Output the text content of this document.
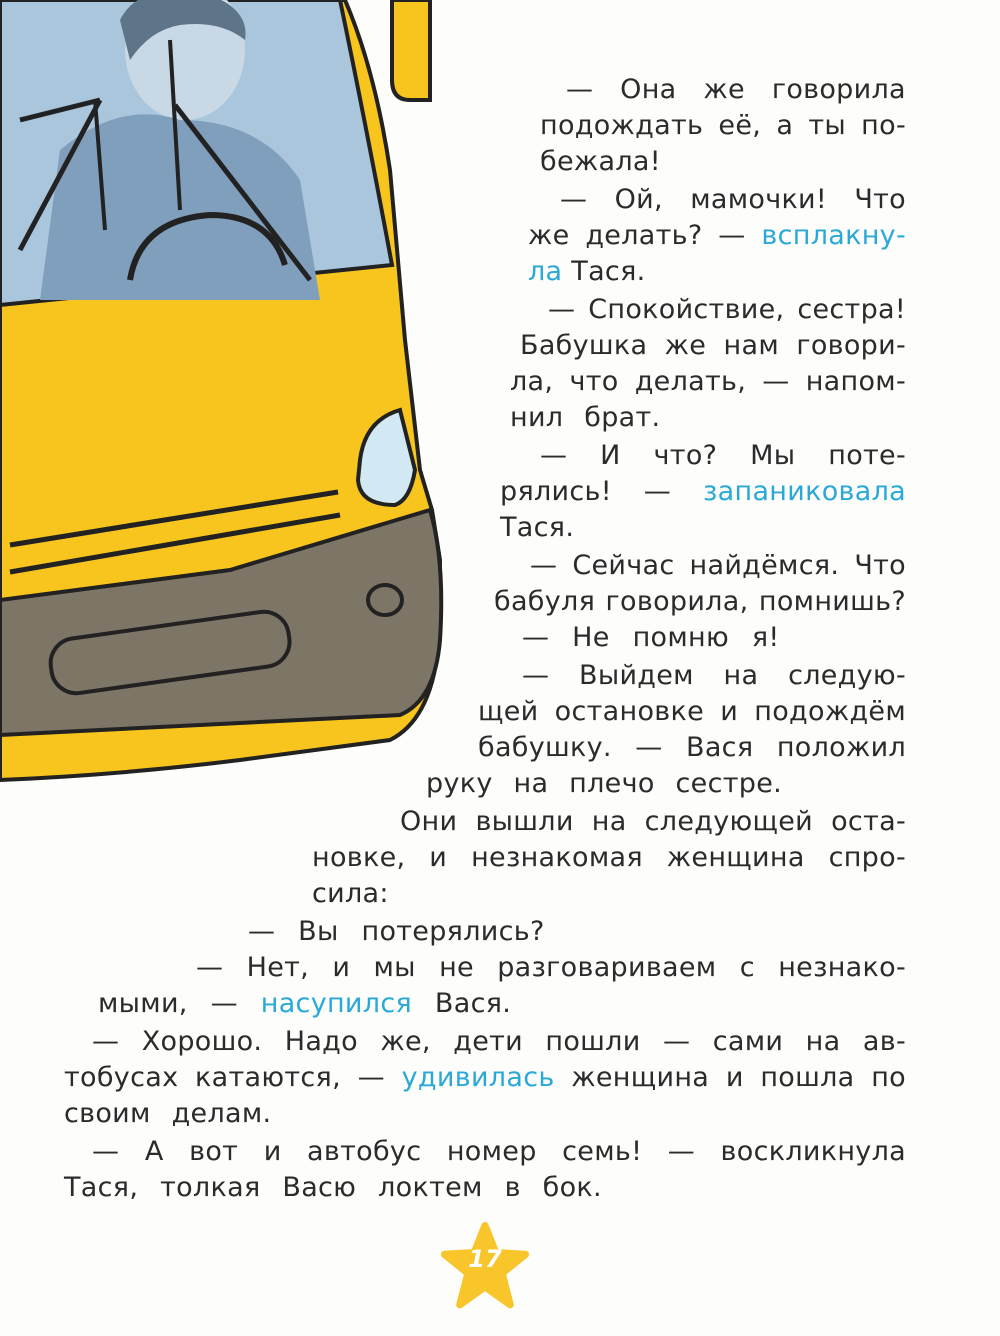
— Она же говорила
подождать её, а ты по-
бежала!
— Ой, мамочки! Что
же делать? — всплакну-
ла Тася.
— Спокойствие, сестра!
Бабушка же нам говори-
ла, что делать, — напом-
нил брат.
— И что? Мы поте-
рялись! — запаниковала
Тася.
— Сейчас найдёмся. Что
бабуля говорила, помнишь?
— Не помню я!
— Выйдем на следую-
щей остановке и подождём
бабушку. — Вася положил
руку на плечо сестре.
Они вышли на следующей оста-
новке, и незнакомая женщина спро-
сила:
— Вы потерялись?
— Нет, и мы не разговариваем с незнако-
мыми, — насупился Вася.
— Хорошо. Надо же, дети пошли — сами на ав-
тобусах катаются, — удивилась женщина и пошла по
своим делам.
— А вот и автобус номер семь! — воскликнула
Тася, толкая Васю локтем в бок.
17
